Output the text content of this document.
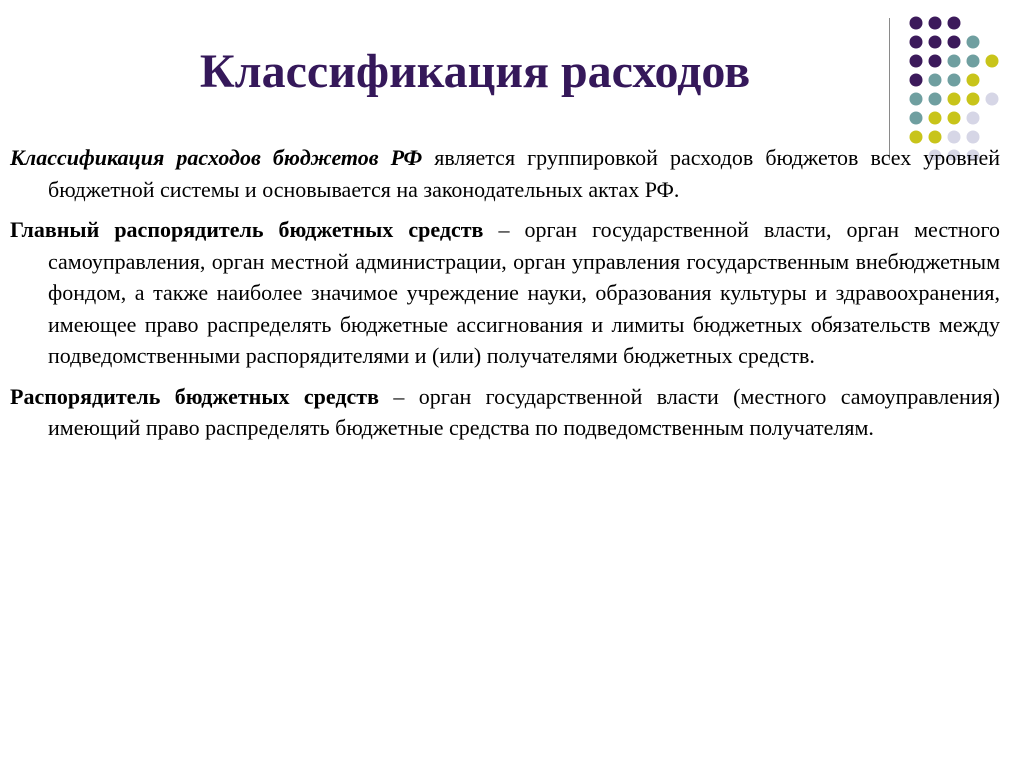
Классификация расходов

Классификация расходов бюджетов РФ является группировкой расходов бюджетов всех уровней бюджетной системы и основывается на законодательных актах РФ.

Главный распорядитель бюджетных средств – орган государственной власти, орган местного самоуправления, орган местной администрации, орган управления государственным внебюджетным фондом, а также наиболее значимое учреждение науки, образования культуры и здравоохранения, имеющее право распределять бюджетные ассигнования и лимиты бюджетных обязательств между подведомственными распорядителями и (или) получателями бюджетных средств.

Распорядитель бюджетных средств – орган государственной власти (местного самоуправления) имеющий право распределять бюджетные средства по подведомственным получателям.
